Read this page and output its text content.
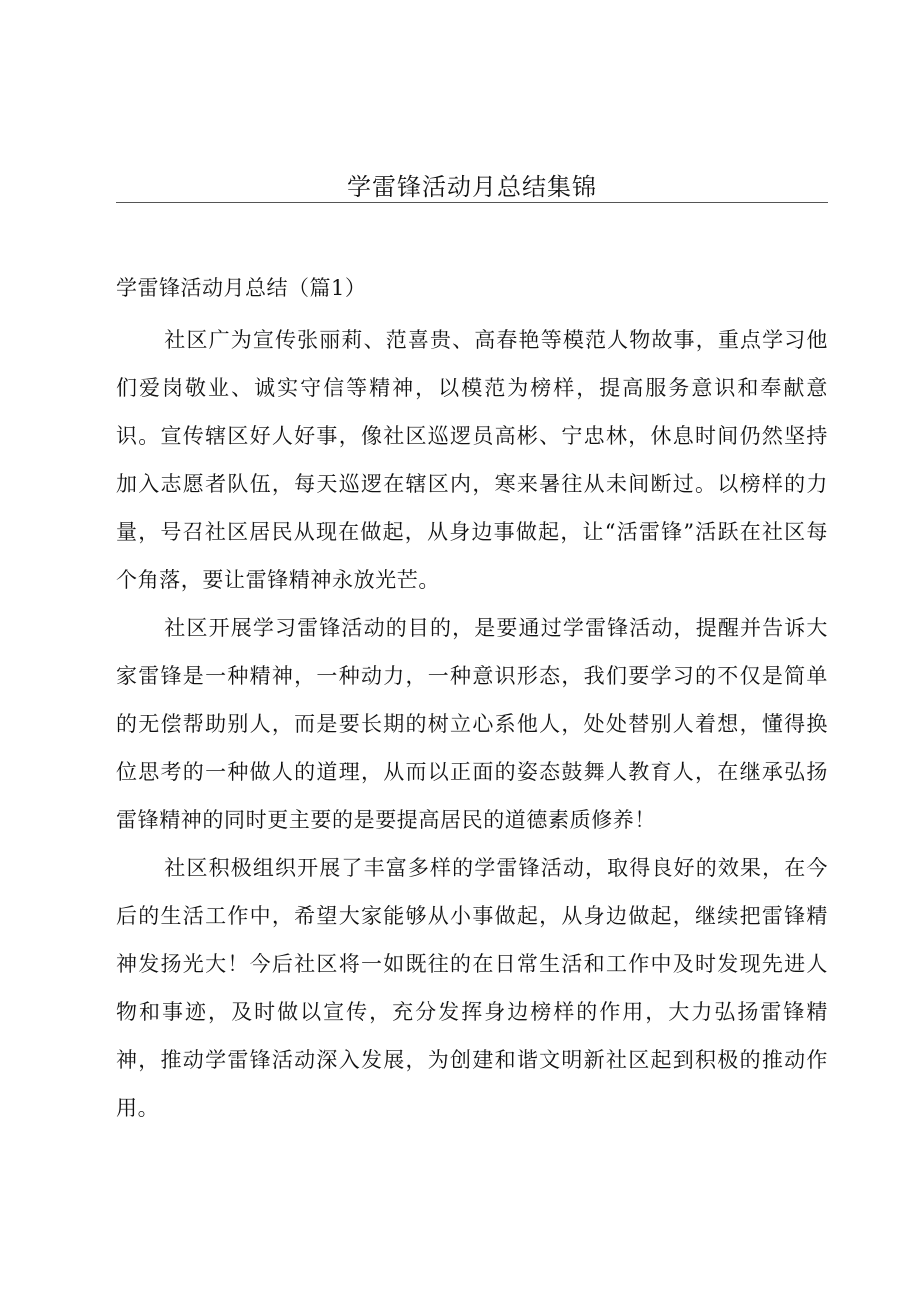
学雷锋活动月总结集锦
学雷锋活动月总结（篇1）

社区广为宣传张丽莉、范喜贵、高春艳等模范人物故事，重点学习他们爱岗敬业、诚实守信等精神，以模范为榜样，提高服务意识和奉献意识。宣传辖区好人好事，像社区巡逻员高彬、宁忠林，休息时间仍然坚持加入志愿者队伍，每天巡逻在辖区内，寒来暑往从未间断过。以榜样的力量，号召社区居民从现在做起，从身边事做起，让“活雷锋”活跃在社区每个角落，要让雷锋精神永放光芒。

社区开展学习雷锋活动的目的，是要通过学雷锋活动，提醒并告诉大家雷锋是一种精神，一种动力，一种意识形态，我们要学习的不仅是简单的无偿帮助别人，而是要长期的树立心系他人，处处替别人着想，懂得换位思考的一种做人的道理，从而以正面的姿态鼓舞人教育人，在继承弘扬雷锋精神的同时更主要的是要提高居民的道德素质修养！

社区积极组织开展了丰富多样的学雷锋活动，取得良好的效果，在今后的生活工作中，希望大家能够从小事做起，从身边做起，继续把雷锋精神发扬光大！今后社区将一如既往的在日常生活和工作中及时发现先进人物和事迹，及时做以宣传，充分发挥身边榜样的作用，大力弘扬雷锋精神，推动学雷锋活动深入发展，为创建和谐文明新社区起到积极的推动作用。
